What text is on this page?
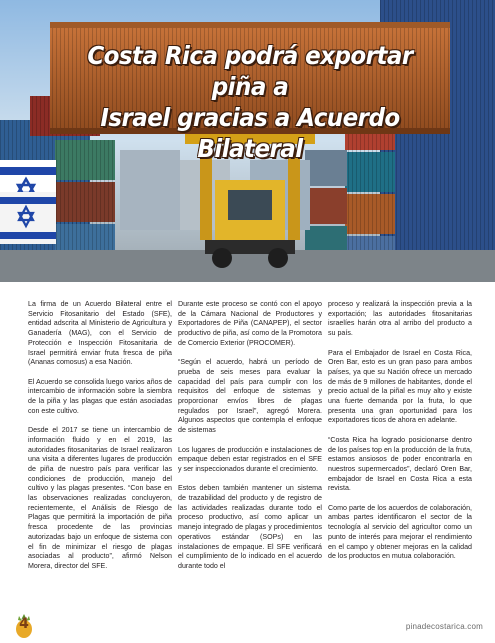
Costa Rica podrá exportar piña a
Israel gracias a Acuerdo Bilateral

La firma de un Acuerdo Bilateral entre el Servicio Fitosanitario del Estado (SFE), entidad adscrita al Ministerio de Agricultura y Ganadería (MAG), con el Servicio de Protección e Inspección Fitosanitaria de Israel permitirá enviar fruta fresca de piña (Ananas comosus) a esa Nación.

El Acuerdo se consolida luego varios años de intercambio de información sobre la siembra de la piña y las plagas que están asociadas con este cultivo.

Desde el 2017 se tiene un intercambio de información fluido y en el 2019, las autoridades fitosanitarias de Israel realizaron una visita a diferentes lugares de producción de piña de nuestro país para verificar las condiciones de producción, manejo del cultivo y las plagas presentes. “Con base en las observaciones realizadas concluyeron, recientemente, el Análisis de Riesgo de Plagas que permitirá la importación de piña fresca procedente de las provincias autorizadas bajo un enfoque de sistema con el fin de minimizar el riesgo de plagas asociadas al producto”, afirmó Nelson Morera, director del SFE.

Durante este proceso se contó con el apoyo de la Cámara Nacional de Productores y Exportadores de Piña (CANAPEP), el sector productivo de piña, así como de la Promotora de Comercio Exterior (PROCOMER).

“Según el acuerdo, habrá un período de prueba de seis meses para evaluar la capacidad del país para cumplir con los requisitos del enfoque de sistemas y proporcionar envíos libres de plagas regulados por Israel”, agregó Morera. Algunos aspectos que contempla el enfoque de sistemas

Los lugares de producción e instalaciones de empaque deben estar registrados en el SFE y ser inspeccionados durante el crecimiento.

Estos deben también mantener un sistema de trazabilidad del producto y de registro de las actividades realizadas durante todo el proceso productivo, así como aplicar un manejo integrado de plagas y procedimientos operativos estándar (SOPs) en las instalaciones de empaque. El SFE verificará el cumplimiento de lo indicado en el acuerdo durante todo el

proceso y realizará la inspección previa a la exportación; las autoridades fitosanitarias israelíes harán otra al arribo del producto a su país.

Para el Embajador de Israel en Costa Rica, Oren Bar, esto es un gran paso para ambos países, ya que su Nación ofrece un mercado de más de 9 millones de habitantes, donde el precio actual de la piñal es muy alto y existe una fuerte demanda por la fruta, lo que presenta una gran oportunidad para los exportadores ticos de ahora en adelante.

“Costa Rica ha logrado posicionarse dentro de los países top en la producción de la fruta, estamos ansiosos de poder encontrarla en nuestros supermercados”, declaró Oren Bar, embajador de Israel en Costa Rica a esta revista.

Como parte de los acuerdos de colaboración, ambas partes identificaron el sector de la tecnología al servicio del agricultor como un punto de interés para mejorar el rendimiento en el campo y obtener mejoras en la calidad de los productos en mutua colaboración.

4	pinadecostarica.com
